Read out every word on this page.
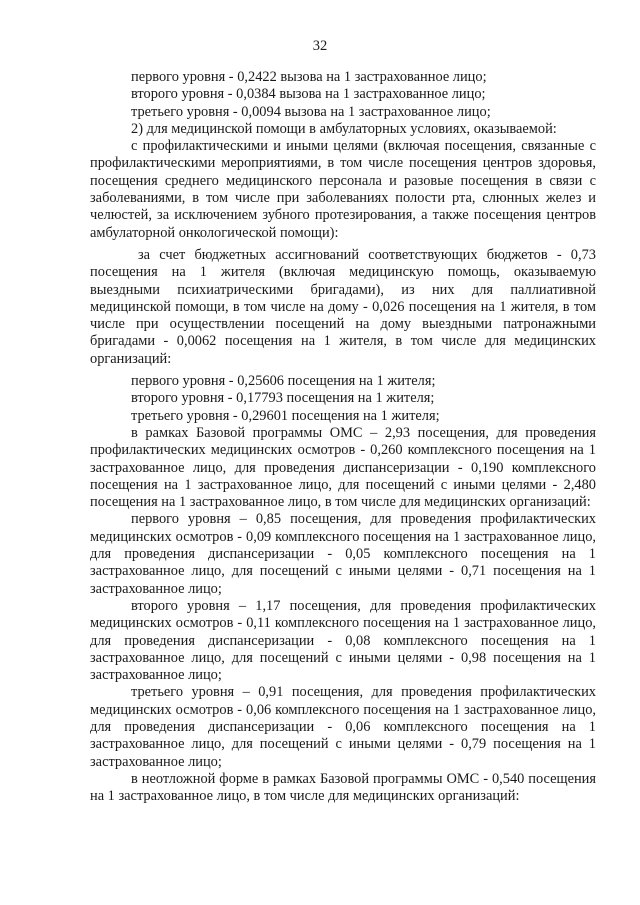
32

первого уровня - 0,2422 вызова на 1 застрахованное лицо;

второго уровня - 0,0384 вызова на 1 застрахованное лицо;

третьего уровня - 0,0094 вызова на 1 застрахованное лицо;

2) для медицинской помощи в амбулаторных условиях, оказываемой:

с профилактическими и иными целями (включая посещения, связанные с профилактическими мероприятиями, в том числе посещения центров здоровья, посещения среднего медицинского персонала и разовые посещения в связи с заболеваниями, в том числе при заболеваниях полости рта, слюнных желез и челюстей, за исключением зубного протезирования, а также посещения центров амбулаторной онкологической помощи):

за счет бюджетных ассигнований соответствующих бюджетов - 0,73 посещения на 1 жителя (включая медицинскую помощь, оказываемую выездными психиатрическими бригадами), из них для паллиативной медицинской помощи, в том числе на дому - 0,026 посещения на 1 жителя, в том числе при осуществлении посещений на дому выездными патронажными бригадами - 0,0062 посещения на 1 жителя, в том числе для медицинских организаций:

первого уровня - 0,25606 посещения на 1 жителя;

второго уровня - 0,17793 посещения на 1 жителя;

третьего уровня - 0,29601 посещения на 1 жителя;

в рамках Базовой программы ОМС – 2,93 посещения, для проведения профилактических медицинских осмотров - 0,260 комплексного посещения на 1 застрахованное лицо, для проведения диспансеризации - 0,190 комплексного посещения на 1 застрахованное лицо, для посещений с иными целями - 2,480 посещения на 1 застрахованное лицо, в том числе для медицинских организаций:

первого уровня – 0,85 посещения, для проведения профилактических медицинских осмотров - 0,09 комплексного посещения на 1 застрахованное лицо, для проведения диспансеризации - 0,05 комплексного посещения на 1 застрахованное лицо, для посещений с иными целями - 0,71 посещения на 1 застрахованное лицо;

второго уровня – 1,17 посещения, для проведения профилактических медицинских осмотров - 0,11 комплексного посещения на 1 застрахованное лицо, для проведения диспансеризации - 0,08 комплексного посещения на 1 застрахованное лицо, для посещений с иными целями - 0,98 посещения на 1 застрахованное лицо;

третьего уровня – 0,91 посещения, для проведения профилактических медицинских осмотров - 0,06 комплексного посещения на 1 застрахованное лицо, для проведения диспансеризации - 0,06 комплексного посещения на 1 застрахованное лицо, для посещений с иными целями - 0,79 посещения на 1 застрахованное лицо;

в неотложной форме в рамках Базовой программы ОМС - 0,540 посещения на 1 застрахованное лицо, в том числе для медицинских организаций:
